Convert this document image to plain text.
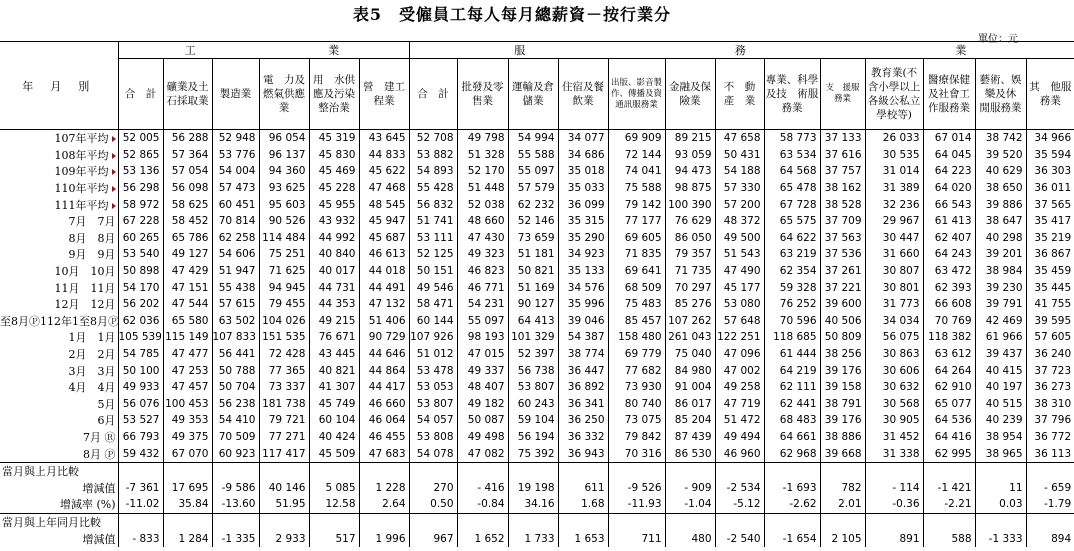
表5　受僱員工每人每月總薪資－按行業分
單位：元
年　月　別	工 業						服 務 業												

	合　計	礦業及土石採取業	製造業	電　力及燃氣供應業	用　水供　應及污染整治業	營　建工程業	合　計	批發及零售業	運輸及倉儲業	住宿及餐飲業	出版、影音製作、傳播及資通訊服務業	金融及保險業	不　動　產　業	專業、科學及技　術服務業	支　援服務業	教育業(不含小學以上各級公私立學校等)	醫療保健及社會工作服務業	藝術、娛樂及休　閒服務業	其　他服務業
107年平均	52 005	56 288	52 948	96 054	45 319	43 645	52 708	49 798	54 994	34 077	69 909	89 215	47 658	58 773	37 133	26 033	67 014	38 742	34 966
108年平均	52 865	57 364	53 776	96 137	45 830	44 833	53 882	51 328	55 588	34 686	72 144	93 059	50 431	63 534	37 616	30 535	64 045	39 520	35 594
109年平均	53 136	57 054	54 004	94 360	45 469	45 622	54 893	52 170	55 097	35 018	74 041	94 473	54 188	64 568	37 757	31 014	64 223	40 629	36 303
110年平均	56 298	56 098	57 473	93 625	45 228	47 468	55 428	51 448	57 579	35 033	75 588	98 875	57 330	65 478	38 162	31 389	64 020	38 650	36 011
111年平均	58 972	58 625	60 451	95 603	45 955	48 545	56 832	52 038	62 232	36 099	79 142	100 390	57 200	67 728	38 528	32 236	66 543	39 886	37 565
7月　7月	67 228	58 452	70 814	90 526	43 932	45 947	51 741	48 660	52 146	35 315	77 177	76 629	48 372	65 575	37 709	29 967	61 413	38 647	35 417
8月　8月	60 265	65 786	62 258	114 484	44 992	45 687	53 111	47 430	73 659	35 290	69 605	86 050	49 500	64 622	37 563	30 447	62 407	40 298	35 219
9月　9月	53 540	49 127	54 606	75 251	40 840	46 613	52 125	49 323	51 181	34 923	71 835	79 357	51 543	63 219	37 536	31 660	64 243	39 201	36 867
10月　10月	50 898	47 429	51 947	71 625	40 017	44 018	50 151	46 823	50 821	35 133	69 641	71 735	47 490	62 354	37 261	30 807	63 472	38 984	35 459
11月　11月	54 170	47 151	55 438	94 945	44 731	44 491	49 546	46 771	51 169	34 576	68 509	70 297	45 177	59 328	37 221	30 801	62 393	39 230	35 445
12月　12月	56 202	47 544	57 615	79 455	44 353	47 132	58 471	54 231	90 127	35 996	75 483	85 276	53 080	76 252	39 600	31 773	66 608	39 791	41 755
至8月Ⓟ112年1至8月Ⓟ	62 036	65 580	63 502	104 026	49 215	51 406	60 144	55 097	64 413	39 046	85 457	107 262	57 648	70 596	40 506	34 034	70 769	42 469	39 595
1月　1月	105 539	115 149	107 833	151 535	76 671	90 729	107 926	98 193	101 329	54 387	158 480	261 043	122 251	118 685	50 809	56 075	118 382	61 966	57 605
2月　2月	54 785	47 477	56 441	72 428	43 445	44 646	51 012	47 015	52 397	38 774	69 779	75 040	47 096	61 444	38 256	30 863	63 612	39 437	36 240
3月　3月	50 100	47 253	50 788	77 365	40 821	44 864	53 478	49 337	56 738	36 447	77 682	84 980	47 002	64 219	39 176	30 606	64 264	40 415	37 723
4月　4月	49 933	47 457	50 704	73 337	41 307	44 417	53 053	48 407	53 807	36 892	73 930	91 004	49 258	62 111	39 158	30 632	62 910	40 197	36 273
5月	56 076	100 453	56 238	181 738	45 749	46 660	53 807	49 182	60 243	36 341	80 740	86 017	47 719	62 441	38 791	30 568	65 077	40 515	38 310
6月	53 527	49 353	54 410	79 721	60 104	46 064	54 057	50 087	59 104	36 250	73 075	85 204	51 472	68 483	39 176	30 905	64 536	40 239	37 796
7月 Ⓡ	66 793	49 375	70 509	77 271	40 424	46 455	53 808	49 498	56 194	36 332	79 842	87 439	49 494	64 661	38 886	31 452	64 416	38 954	36 772
8月 Ⓟ	59 432	67 070	60 923	117 417	45 509	47 683	54 078	47 082	75 392	36 943	70 316	86 530	46 960	62 968	39 668	31 338	62 995	38 965	36 113
當月與上月比較																			
增減值	-7 361	17 695	-9 586	40 146	5 085	1 228	270	- 416	19 198	611	-9 526	- 909	-2 534	-1 693	782	- 114	-1 421	11	- 659
增減率 (%)	-11.02	35.84	-13.60	51.95	12.58	2.64	0.50	-0.84	34.16	1.68	-11.93	-1.04	-5.12	-2.62	2.01	-0.36	-2.21	0.03	-1.79
當月與上年同月比較																			
增減值	- 833	1 284	-1 335	2 933	517	1 996	967	1 652	1 733	1 653	711	480	-2 540	-1 654	2 105	891	588	-1 333	894
